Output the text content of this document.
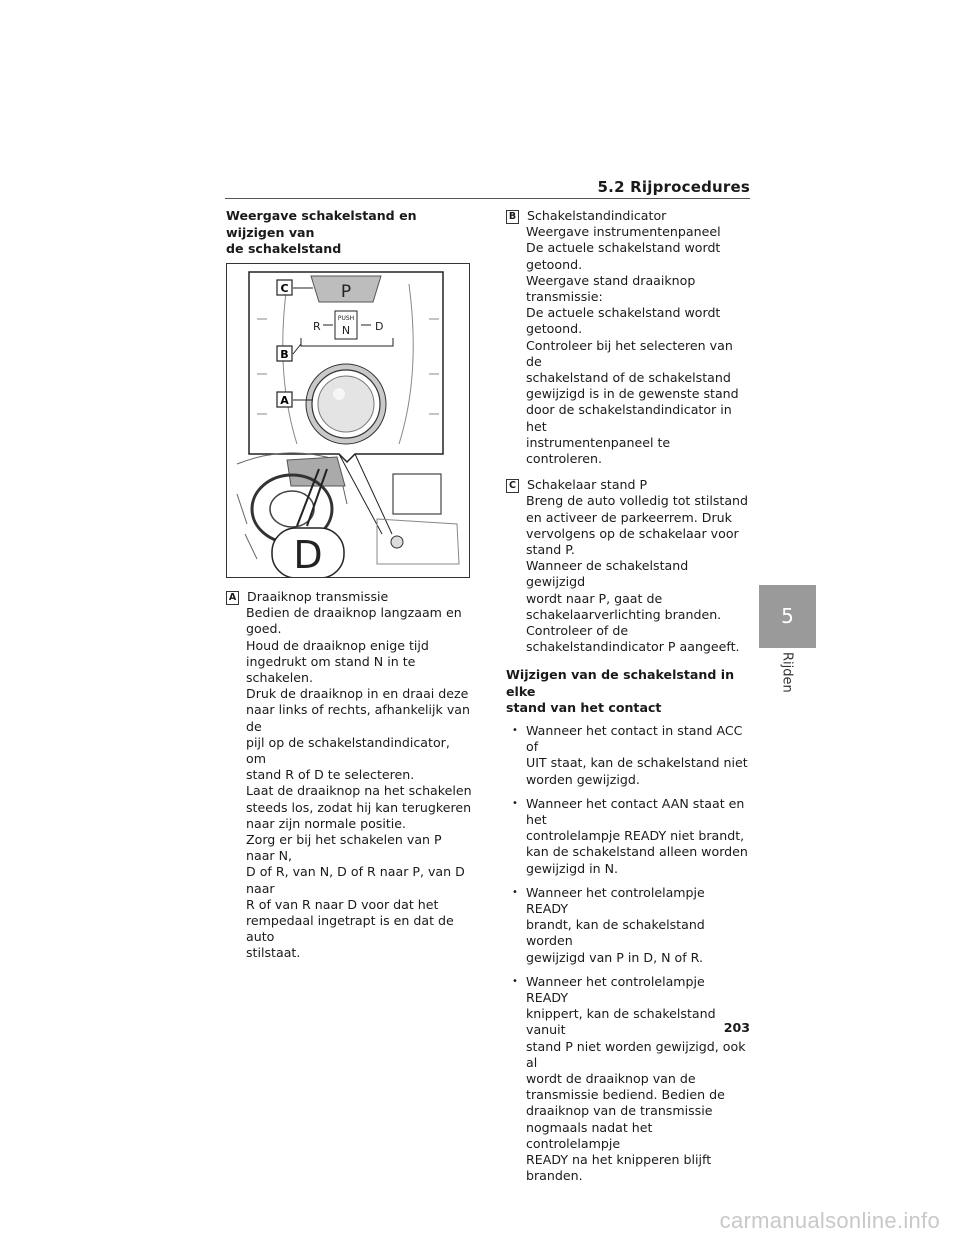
5.2 Rijprocedures

Weergave schakelstand en wijzigen van
de schakelstand

P
R
PUSH
N D
C
B
A
D
A Draaiknop transmissie
Bedien de draaiknop langzaam en
goed.
Houd de draaiknop enige tijd
ingedrukt om stand N in te schakelen.
Druk de draaiknop in en draai deze
naar links of rechts, afhankelijk van de
pijl op de schakelstandindicator, om
stand R of D te selecteren.
Laat de draaiknop na het schakelen
steeds los, zodat hij kan terugkeren
naar zijn normale positie.
Zorg er bij het schakelen van P naar N,
D of R, van N, D of R naar P, van D naar
R of van R naar D voor dat het
rempedaal ingetrapt is en dat de auto
stilstaat.
B Schakelstandindicator
Weergave instrumentenpaneel
De actuele schakelstand wordt
getoond.
Weergave stand draaiknop
transmissie:
De actuele schakelstand wordt
getoond.
Controleer bij het selecteren van de
schakelstand of de schakelstand
gewijzigd is in de gewenste stand
door de schakelstandindicator in het
instrumentenpaneel te controleren.
C Schakelaar stand P
Breng de auto volledig tot stilstand
en activeer de parkeerrem. Druk
vervolgens op de schakelaar voor
stand P.
Wanneer de schakelstand gewijzigd
wordt naar P, gaat de
schakelaarverlichting branden.
Controleer of de
schakelstandindicator P aangeeft.

Wijzigen van de schakelstand in elke
stand van het contact

• Wanneer het contact in stand ACC of
UIT staat, kan de schakelstand niet
worden gewijzigd.
• Wanneer het contact AAN staat en het
controlelampje READY niet brandt,
kan de schakelstand alleen worden
gewijzigd in N.
• Wanneer het controlelampje READY
brandt, kan de schakelstand worden
gewijzigd van P in D, N of R.
• Wanneer het controlelampje READY
knippert, kan de schakelstand vanuit
stand P niet worden gewijzigd, ook al
wordt de draaiknop van de
transmissie bediend. Bedien de
draaiknop van de transmissie
nogmaals nadat het controlelampje
READY na het knipperen blijft
branden.
5
Rijden
203
carmanualsonline.info
